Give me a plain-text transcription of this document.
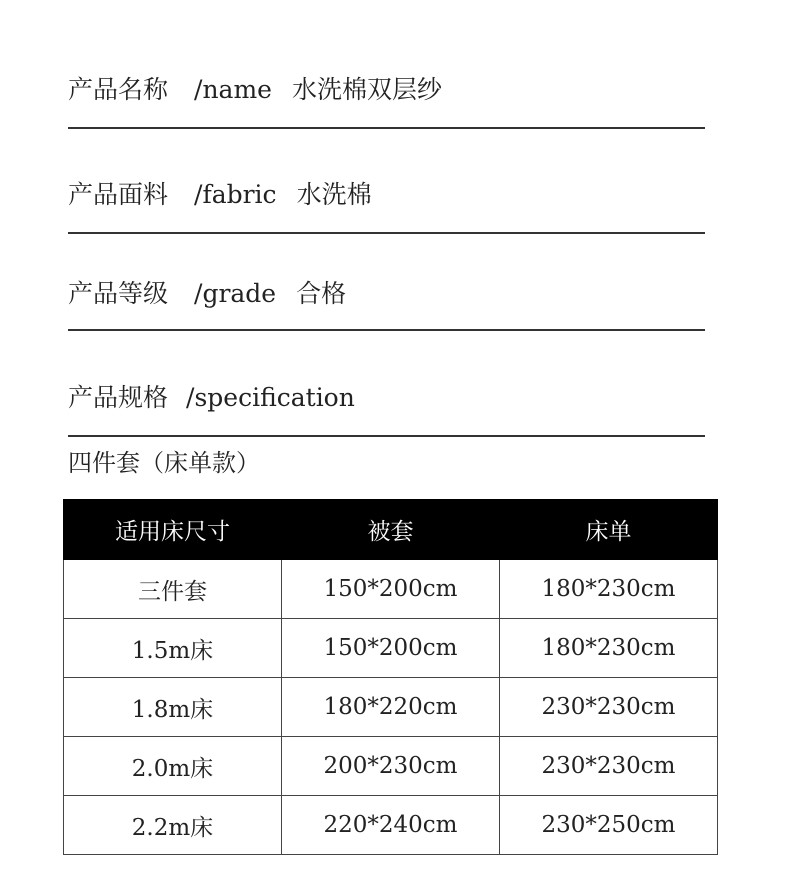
产品名称 /name 水洗棉双层纱
产品面料 /fabric 水洗棉
产品等级 /grade 合格
产品规格 /specification
四件套（床单款）
适用床尺寸	被套	床单
三件套	150*200cm	180*230cm
1.5m床	150*200cm	180*230cm
1.8m床	180*220cm	230*230cm
2.0m床	200*230cm	230*230cm
2.2m床	220*240cm	230*250cm
